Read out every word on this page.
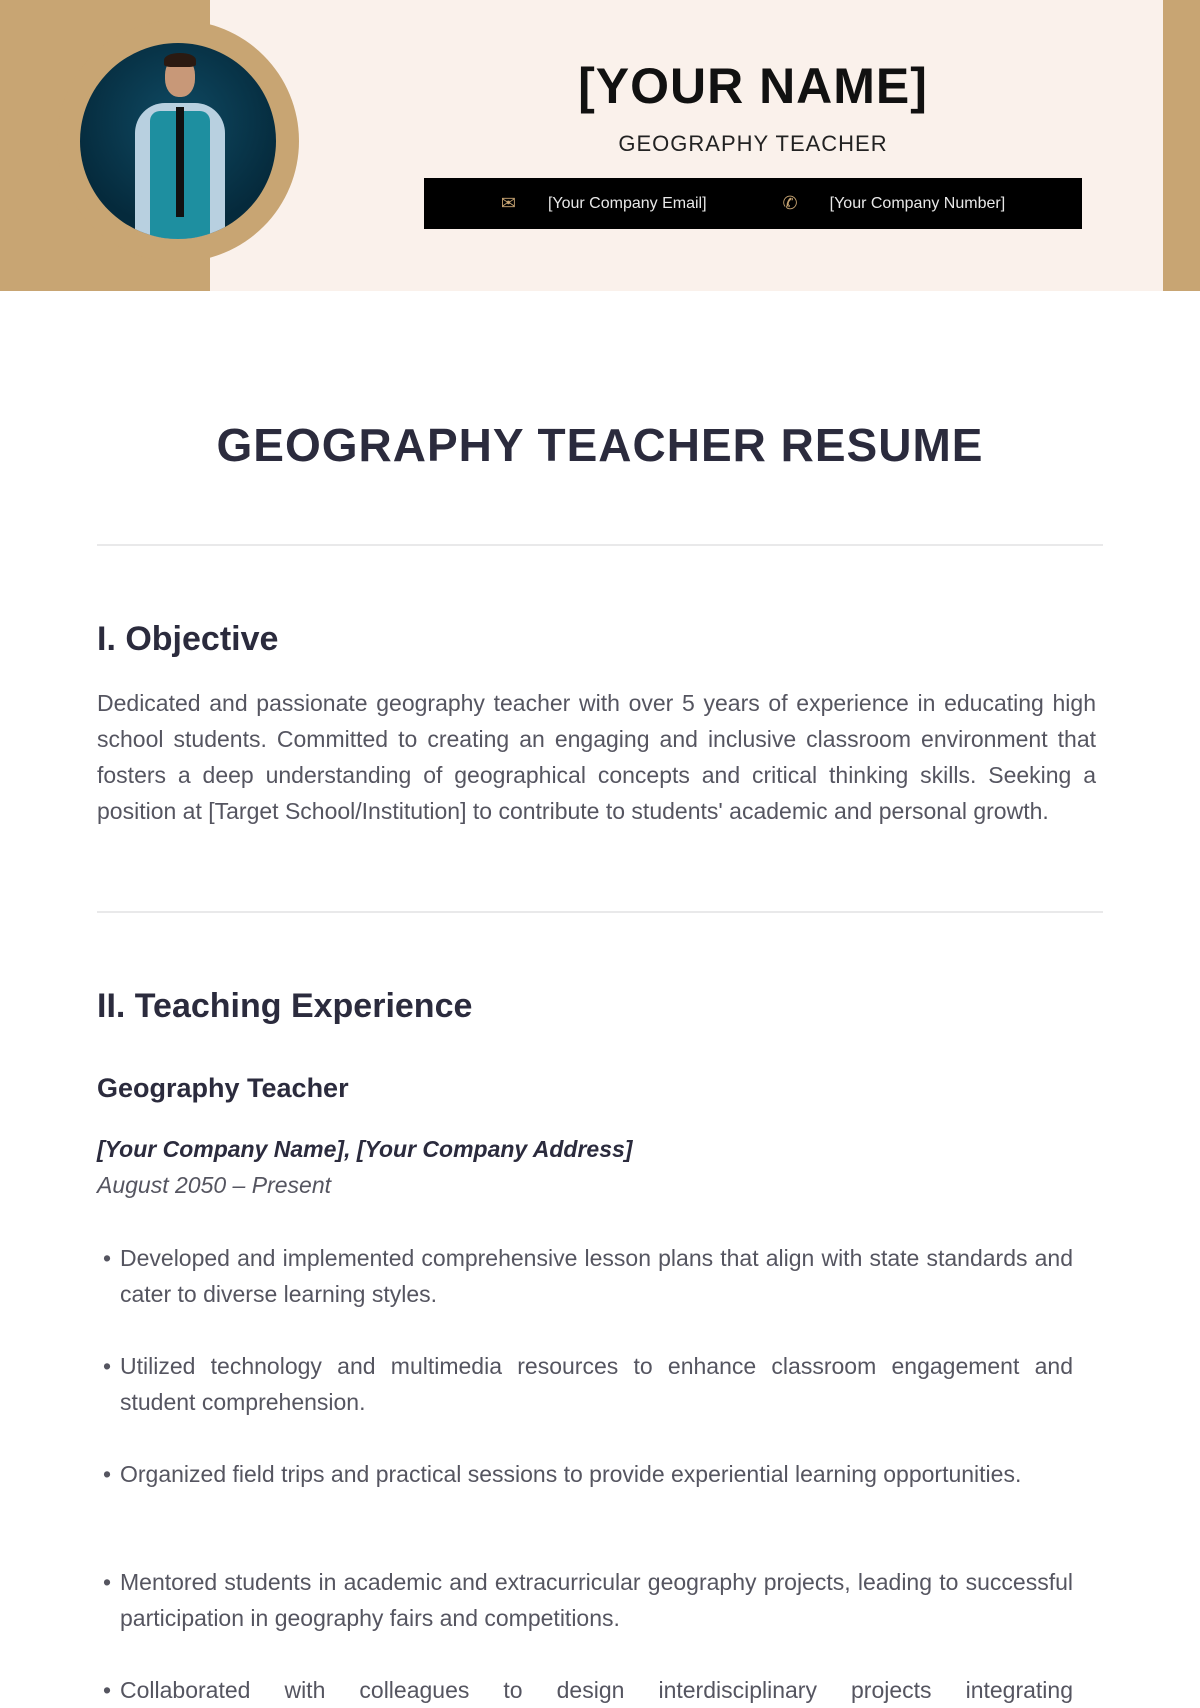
[YOUR NAME]
GEOGRAPHY TEACHER
✉ [Your Company Email]	✆ [Your Company Number]
GEOGRAPHY TEACHER RESUME
I. Objective
Dedicated and passionate geography teacher with over 5 years of experience in educating high school students. Committed to creating an engaging and inclusive classroom environment that fosters a deep understanding of geographical concepts and critical thinking skills. Seeking a position at [Target School/Institution] to contribute to students' academic and personal growth.
II. Teaching Experience
Geography Teacher
[Your Company Name], [Your Company Address]
August 2050 – Present
• Developed and implemented comprehensive lesson plans that align with state standards and cater to diverse learning styles.
• Utilized technology and multimedia resources to enhance classroom engagement and student comprehension.
• Organized field trips and practical sessions to provide experiential learning opportunities.
• Mentored students in academic and extracurricular geography projects, leading to successful participation in geography fairs and competitions.
• Collaborated with colleagues to design interdisciplinary projects integrating
